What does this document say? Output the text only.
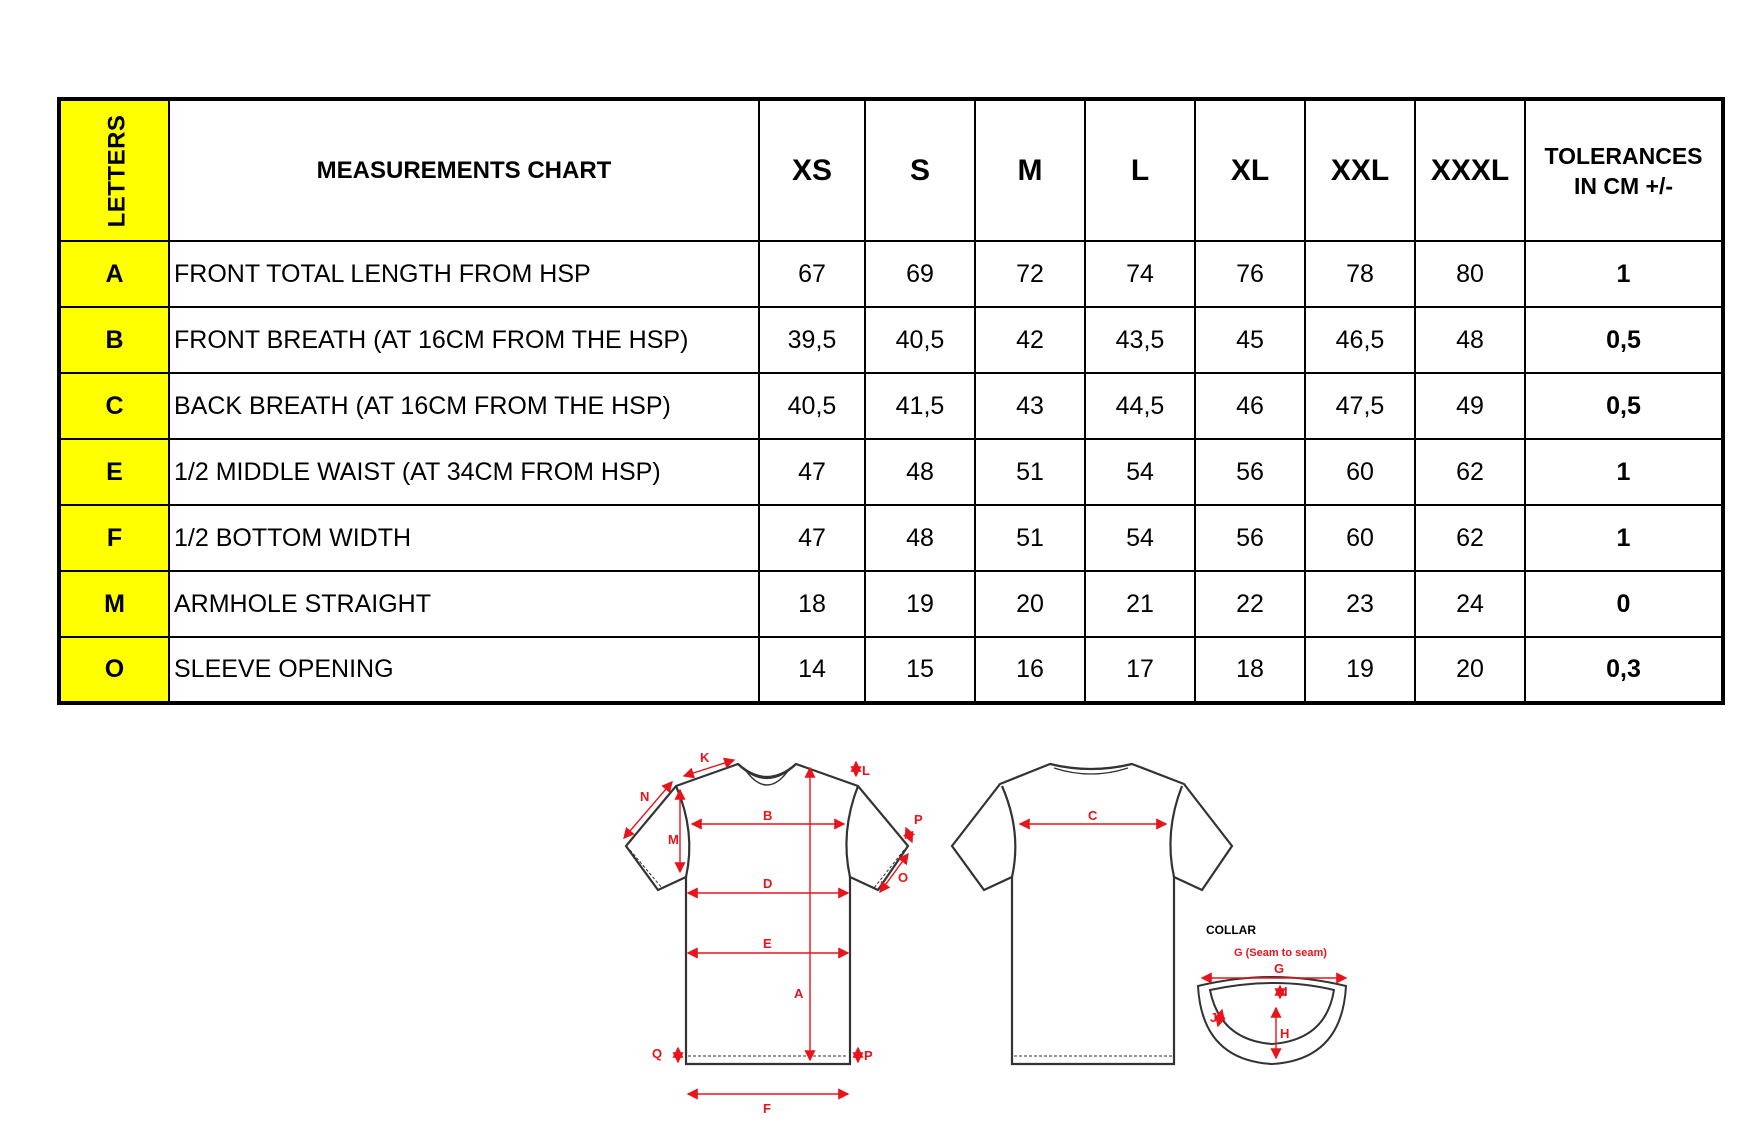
LETTERS	MEASUREMENTS CHART	XS	S	M	L	XL	XXL	XXXL	TOLERANCES
IN CM +/-
A	FRONT TOTAL LENGTH FROM HSP	67	69	72	74	76	78	80	1
B	FRONT BREATH (AT 16CM FROM THE HSP)	39,5	40,5	42	43,5	45	46,5	48	0,5
C	BACK BREATH (AT 16CM FROM THE HSP)	40,5	41,5	43	44,5	46	47,5	49	0,5
E	1/2 MIDDLE WAIST (AT 34CM FROM HSP)	47	48	51	54	56	60	62	1
F	1/2 BOTTOM WIDTH	47	48	51	54	56	60	62	1
M	ARMHOLE STRAIGHT	18	19	20	21	22	23	24	0
O	SLEEVE OPENING	14	15	16	17	18	19	20	0,3
B
D
E
F
A
M
N
K
L
P
O
Q	P
C
COLLAR
G (Seam to seam)
G
I
H
J
